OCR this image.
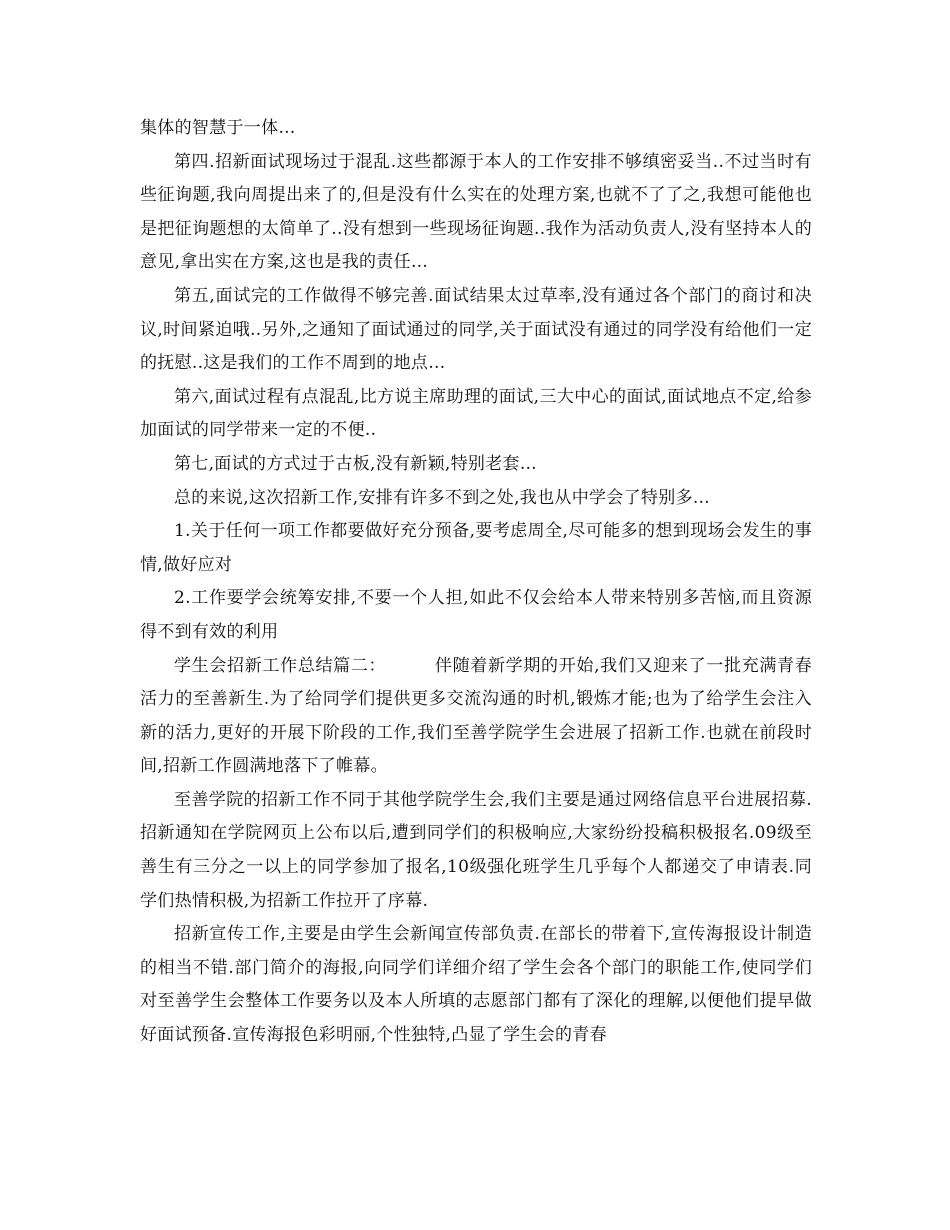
集体的智慧于一体…

第四.招新面试现场过于混乱.这些都源于本人的工作安排不够缜密妥当..不过当时有些征询题,我向周提出来了的,但是没有什么实在的处理方案,也就不了了之,我想可能他也是把征询题想的太简单了..没有想到一些现场征询题..我作为活动负责人,没有坚持本人的意见,拿出实在方案,这也是我的责任…

第五,面试完的工作做得不够完善.面试结果太过草率,没有通过各个部门的商讨和决议,时间紧迫哦..另外,之通知了面试通过的同学,关于面试没有通过的同学没有给他们一定的抚慰..这是我们的工作不周到的地点…

第六,面试过程有点混乱,比方说主席助理的面试,三大中心的面试,面试地点不定,给参加面试的同学带来一定的不便..

第七,面试的方式过于古板,没有新颖,特别老套…

总的来说,这次招新工作,安排有许多不到之处,我也从中学会了特别多…

1.关于任何一项工作都要做好充分预备,要考虑周全,尽可能多的想到现场会发生的事情,做好应对

2.工作要学会统筹安排,不要一个人担,如此不仅会给本人带来特别多苦恼,而且资源得不到有效的利用

学生会招新工作总结篇二：        伴随着新学期的开始,我们又迎来了一批充满青春活力的至善新生.为了给同学们提供更多交流沟通的时机,锻炼才能;也为了给学生会注入新的活力,更好的开展下阶段的工作,我们至善学院学生会进展了招新工作.也就在前段时间,招新工作圆满地落下了帷幕。

至善学院的招新工作不同于其他学院学生会,我们主要是通过网络信息平台进展招募.招新通知在学院网页上公布以后,遭到同学们的积极响应,大家纷纷投稿积极报名.09级至善生有三分之一以上的同学参加了报名,10级强化班学生几乎每个人都递交了申请表.同学们热情积极,为招新工作拉开了序幕.

招新宣传工作,主要是由学生会新闻宣传部负责.在部长的带着下,宣传海报设计制造的相当不错.部门简介的海报,向同学们详细介绍了学生会各个部门的职能工作,使同学们对至善学生会整体工作要务以及本人所填的志愿部门都有了深化的理解,以便他们提早做好面试预备.宣传海报色彩明丽,个性独特,凸显了学生会的青春
